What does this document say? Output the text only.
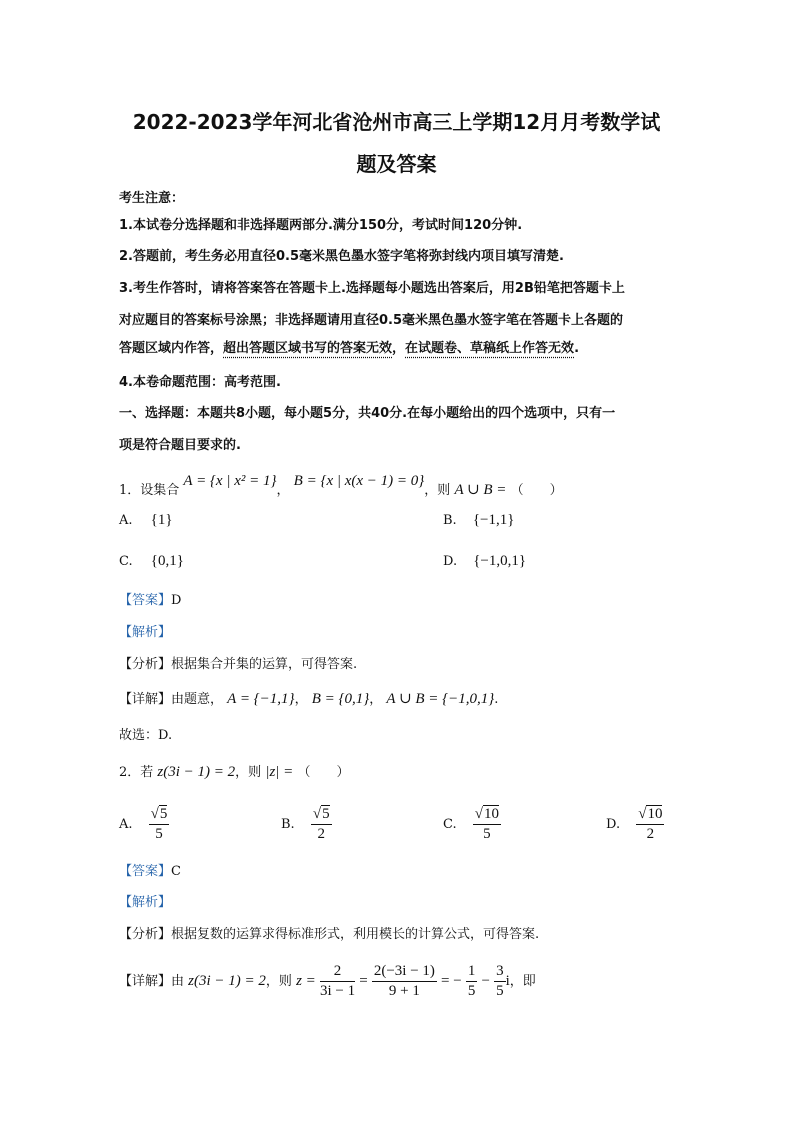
2022-2023学年河北省沧州市高三上学期12月月考数学试
题及答案
考生注意：
1.本试卷分选择题和非选择题两部分.满分150分，考试时间120分钟.
2.答题前，考生务必用直径0.5毫米黑色墨水签字笔将弥封线内项目填写清楚.
3.考生作答时，请将答案答在答题卡上.选择题每小题选出答案后，用2B铅笔把答题卡上
对应题目的答案标号涂黑；非选择题请用直径0.5毫米黑色墨水签字笔在答题卡上各题的
答题区域内作答，超出答题区域书写的答案无效，在试题卷、草稿纸上作答无效.
4.本卷命题范围：高考范围.
一、选择题：本题共8小题，每小题5分，共40分.在每小题给出的四个选项中，只有一
项是符合题目要求的.
1．设集合 A = {x | x² = 1}， B = {x | x(x − 1) = 0}，则 A ∪ B = （　　）
A. {1}	B. {−1,1}
C. {0,1}	D. {−1,0,1}
【答案】D
【解析】
【分析】根据集合并集的运算，可得答案.
【详解】由题意， A = {−1,1}， B = {0,1}， A ∪ B = {−1,0,1}.
故选：D.
2．若 z(3i − 1) = 2，则 |z| = （　　）
A. $\frac{√5}{5}$	B. $\frac{√5}{2}$	C. $\frac{√10}{5}$	D. $\frac{√10}{2}$
【答案】C
【解析】
【分析】根据复数的运算求得标准形式，利用模长的计算公式，可得答案.
【详解】由 z(3i − 1) = 2，则 $z = \frac{2}{3i - 1} = \frac{2(-3i - 1)}{9 + 1}$ = − $\frac{1}{5} - \frac{3}{5}$ i，即
